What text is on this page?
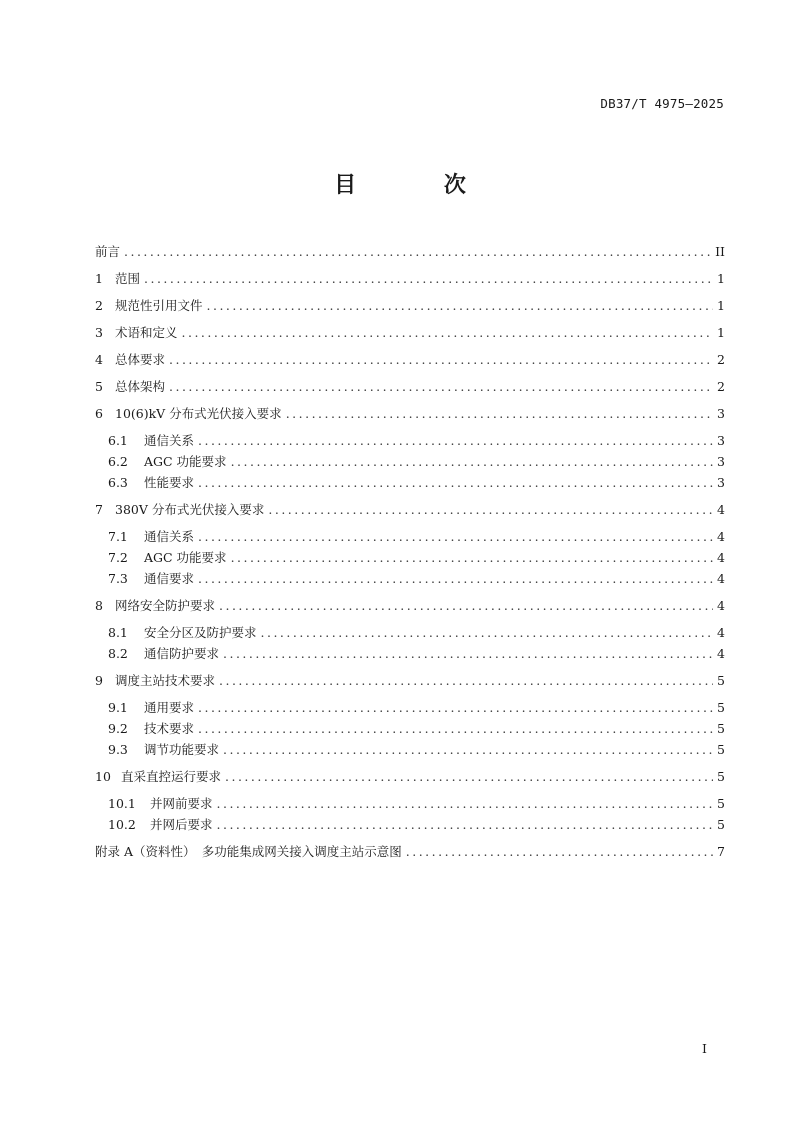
DB37/T 4975—2025
目 次
前言 .....	II
1 范围 .....	1
2 规范性引用文件 .....	1
3 术语和定义 .....	1
4 总体要求 .....	2
5 总体架构 .....	2
6 10(6)kV 分布式光伏接入要求 .....	3
6.1	通信关系 .....	3
6.2	AGC 功能要求 .....	3
6.3	性能要求 .....	3
7 380V 分布式光伏接入要求 .....	4
7.1	通信关系 .....	4
7.2	AGC 功能要求 .....	4
7.3	通信要求 .....	4
8 网络安全防护要求 .....	4
8.1	安全分区及防护要求 .....	4
8.2	通信防护要求 .....	4
9 调度主站技术要求 .....	5
9.1	通用要求 .....	5
9.2	技术要求 .....	5
9.3	调节功能要求 .....	5
10 直采直控运行要求 .....	5
10.1	并网前要求 .....	5
10.2	并网后要求 .....	5
附录 A（资料性）　多功能集成网关接入调度主站示意图 .....	7
I
